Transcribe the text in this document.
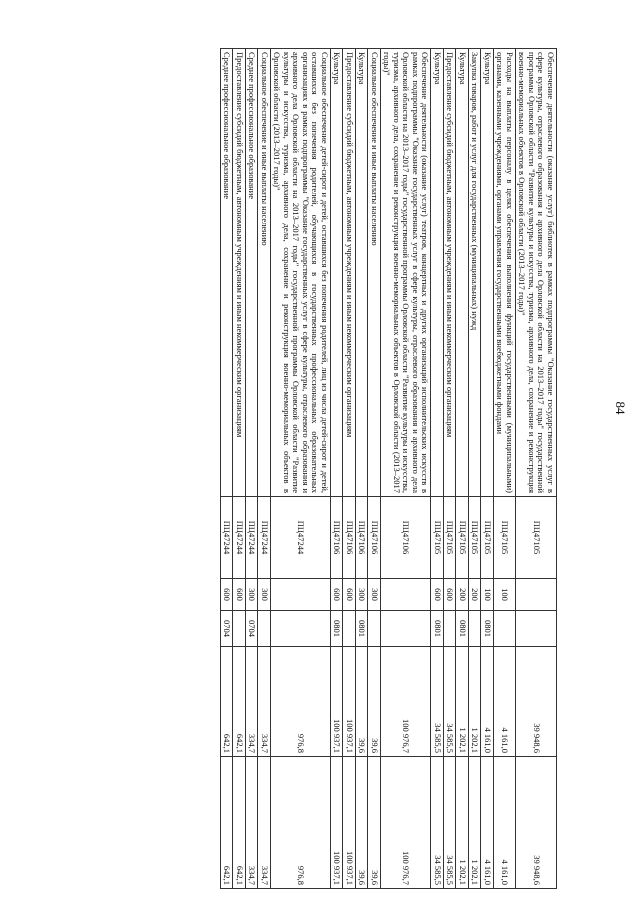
84
Обеспечение деятельности (оказание услуг) библиотек в рамках подпрограммы "Оказание государственных услуг в сфере культуры, отраслевого образования и архивного дела Орловской области на 2013–2017 годы" государственной программы Орловской области "Развитие культуры и искусства, туризма, архивного дела, сохранение и реконструкция военно-мемориальных объектов в Орловской области (2013–2017 годы)"	ПЦ47105			39 948,6	39 948,6
Расходы на выплаты персоналу в целях обеспечения выполнения функций государственными (муниципальными) органами, казенными учреждениями, органами управления государственными внебюджетными фондами	ПЦ47105	100		4 161,0	4 161,0
Культура	ПЦ47105	100	0801	4 161,0	4 161,0
Закупка товаров, работ и услуг для государственных (муниципальных) нужд	ПЦ47105	200		1 202,1	1 202,1
Культура	ПЦ47105	200	0801	1 202,1	1 202,1
Предоставление субсидий бюджетным, автономным учреждениям и иным некоммерческим организациям	ПЦ47105	600		34 585,5	34 585,5
Культура	ПЦ47105	600	0801	34 585,5	34 585,5
Обеспечение деятельности (оказание услуг) театров, концертных и других организаций исполнительских искусств в рамках подпрограммы "Оказание государственных услуг в сфере культуры, отраслевого образования и архивного дела Орловской области на 2013–2017 годы" государственной программы Орловской области "Развитие культуры и искусства, туризма, архивного дела, сохранение и реконструкция военно-мемориальных объектов в Орловской области (2013–2017 годы)"	ПЦ47106			100 976,7	100 976,7
Социальное обеспечение и иные выплаты населению	ПЦ47106	300		39,6	39,6
Культура	ПЦ47106	300	0801	39,6	39,6
Предоставление субсидий бюджетным, автономным учреждениям и иным некоммерческим организациям	ПЦ47106	600		100 937,1	100 937,1
Культура	ПЦ47106	600	0801	100 937,1	100 937,1
Социальное обеспечение детей-сирот и детей, оставшихся без попечения родителей, лиц из числа детей-сирот и детей, оставшихся без попечения родителей, обучающихся в государственных профессиональных образовательных организациях в рамках подпрограммы "Оказание государственных услуг в сфере культуры, отраслевого образования и архивного дела Орловской области на 2013–2017 годы" государственной программы Орловской области "Развитие культуры и искусства, туризма, архивного дела, сохранение и реконструкция военно-мемориальных объектов в Орловской области (2013–2017 годы)"	ПЦ47244			976,8	976,8
Социальное обеспечение и иные выплаты населению	ПЦ47244	300		334,7	334,7
Среднее профессиональное образование	ПЦ47244	300	0704	334,7	334,7
Предоставление субсидий бюджетным, автономным учреждениям и иным некоммерческим организациям	ПЦ47244	600		642,1	642,1
Среднее профессиональное образование	ПЦ47244	600	0704	642,1	642,1
